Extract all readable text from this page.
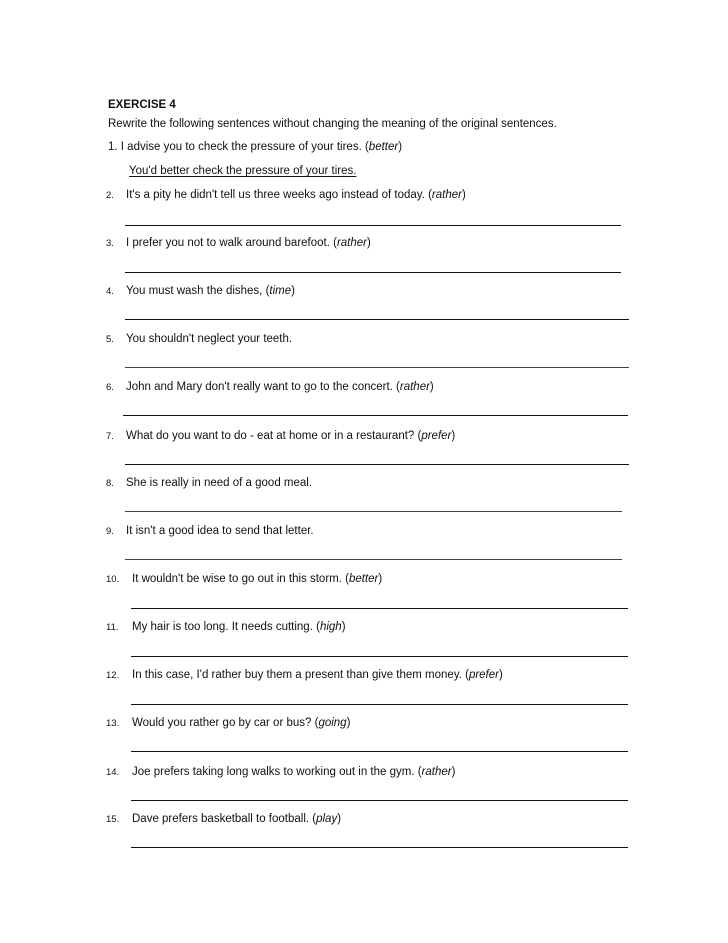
EXERCISE 4
Rewrite the following sentences without changing the meaning of the original sentences.
1. I advise you to check the pressure of your tires. (better)
You'd better check the pressure of your tires.
2. It's a pity he didn't tell us three weeks ago instead of today. (rather)
3. I prefer you not to walk around barefoot. (rather)
4. You must wash the dishes, (time)
5. You shouldn't neglect your teeth.
6. John and Mary don't really want to go to the concert. (rather)
7. What do you want to do - eat at home or in a restaurant? (prefer)
8. She is really in need of a good meal.
9. It isn't a good idea to send that letter.
10. It wouldn't be wise to go out in this storm. (better)
11. My hair is too long. It needs cutting. (high)
12. In this case, I'd rather buy them a present than give them money. (prefer)
13. Would you rather go by car or bus? (going)
14. Joe prefers taking long walks to working out in the gym. (rather)
15. Dave prefers basketball to football. (play)
